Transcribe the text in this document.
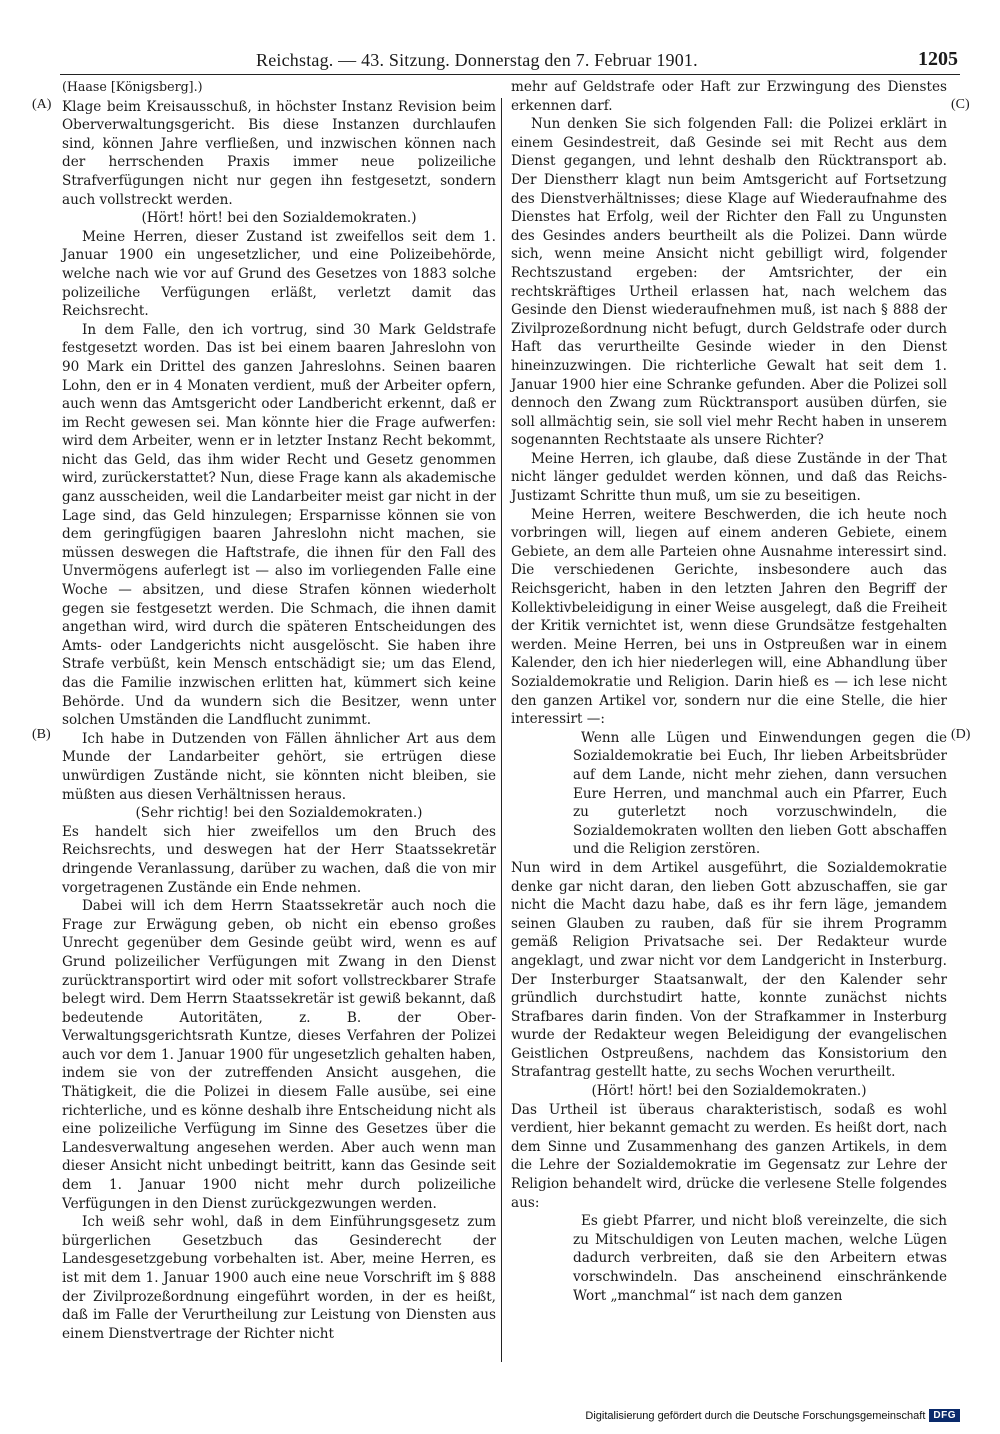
Reichstag. — 43. Sitzung. Donnerstag den 7. Februar 1901.	1205
(A)
(B)
(C)
(D)

(Haase [Königsberg].)

Klage beim Kreisausschuß, in höchster Instanz Revision beim Oberverwaltungsgericht. Bis diese Instanzen durchlaufen sind, können Jahre verfließen, und inzwischen können nach der herrschenden Praxis immer neue polizeiliche Strafverfügungen nicht nur gegen ihn festgesetzt, sondern auch vollstreckt werden.

(Hört! hört! bei den Sozialdemokraten.)

Meine Herren, dieser Zustand ist zweifellos seit dem 1. Januar 1900 ein ungesetzlicher, und eine Polizeibehörde, welche nach wie vor auf Grund des Gesetzes von 1883 solche polizeiliche Verfügungen erläßt, verletzt damit das Reichsrecht.

In dem Falle, den ich vortrug, sind 30 Mark Geldstrafe festgesetzt worden. Das ist bei einem baaren Jahreslohn von 90 Mark ein Drittel des ganzen Jahreslohns. Seinen baaren Lohn, den er in 4 Monaten verdient, muß der Arbeiter opfern, auch wenn das Amtsgericht oder Landbericht erkennt, daß er im Recht gewesen sei. Man könnte hier die Frage aufwerfen: wird dem Arbeiter, wenn er in letzter Instanz Recht bekommt, nicht das Geld, das ihm wider Recht und Gesetz genommen wird, zurückerstattet? Nun, diese Frage kann als akademische ganz ausscheiden, weil die Landarbeiter meist gar nicht in der Lage sind, das Geld hinzulegen; Ersparnisse können sie von dem geringfügigen baaren Jahreslohn nicht machen, sie müssen deswegen die Haftstrafe, die ihnen für den Fall des Unvermögens auferlegt ist — also im vorliegenden Falle eine Woche — absitzen, und diese Strafen können wiederholt gegen sie festgesetzt werden. Die Schmach, die ihnen damit angethan wird, wird durch die späteren Entscheidungen des Amts- oder Landgerichts nicht ausgelöscht. Sie haben ihre Strafe verbüßt, kein Mensch entschädigt sie; um das Elend, das die Familie inzwischen erlitten hat, kümmert sich keine Behörde. Und da wundern sich die Besitzer, wenn unter solchen Umständen die Landflucht zunimmt.

Ich habe in Dutzenden von Fällen ähnlicher Art aus dem Munde der Landarbeiter gehört, sie ertrügen diese unwürdigen Zustände nicht, sie könnten nicht bleiben, sie müßten aus diesen Verhältnissen heraus.

(Sehr richtig! bei den Sozialdemokraten.)

Es handelt sich hier zweifellos um den Bruch des Reichsrechts, und deswegen hat der Herr Staatssekretär dringende Veranlassung, darüber zu wachen, daß die von mir vorgetragenen Zustände ein Ende nehmen.

Dabei will ich dem Herrn Staatssekretär auch noch die Frage zur Erwägung geben, ob nicht ein ebenso großes Unrecht gegenüber dem Gesinde geübt wird, wenn es auf Grund polizeilicher Verfügungen mit Zwang in den Dienst zurücktransportirt wird oder mit sofort vollstreckbarer Strafe belegt wird. Dem Herrn Staatssekretär ist gewiß bekannt, daß bedeutende Autoritäten, z. B. der Ober-Verwaltungsgerichtsrath Kuntze, dieses Verfahren der Polizei auch vor dem 1. Januar 1900 für ungesetzlich gehalten haben, indem sie von der zutreffenden Ansicht ausgehen, die Thätigkeit, die die Polizei in diesem Falle ausübe, sei eine richterliche, und es könne deshalb ihre Entscheidung nicht als eine polizeiliche Verfügung im Sinne des Gesetzes über die Landesverwaltung angesehen werden. Aber auch wenn man dieser Ansicht nicht unbedingt beitritt, kann das Gesinde seit dem 1. Januar 1900 nicht mehr durch polizeiliche Verfügungen in den Dienst zurückgezwungen werden.

Ich weiß sehr wohl, daß in dem Einführungsgesetz zum bürgerlichen Gesetzbuch das Gesinderecht der Landesgesetzgebung vorbehalten ist. Aber, meine Herren, es ist mit dem 1. Januar 1900 auch eine neue Vorschrift im § 888 der Zivilprozeßordnung eingeführt worden, in der es heißt, daß im Falle der Verurtheilung zur Leistung von Diensten aus einem Dienstvertrage der Richter nicht

mehr auf Geldstrafe oder Haft zur Erzwingung des Dienstes erkennen darf.

Nun denken Sie sich folgenden Fall: die Polizei erklärt in einem Gesindestreit, daß Gesinde sei mit Recht aus dem Dienst gegangen, und lehnt deshalb den Rücktransport ab. Der Dienstherr klagt nun beim Amtsgericht auf Fortsetzung des Dienstverhältnisses; diese Klage auf Wiederaufnahme des Dienstes hat Erfolg, weil der Richter den Fall zu Ungunsten des Gesindes anders beurtheilt als die Polizei. Dann würde sich, wenn meine Ansicht nicht gebilligt wird, folgender Rechtszustand ergeben: der Amtsrichter, der ein rechtskräftiges Urtheil erlassen hat, nach welchem das Gesinde den Dienst wiederaufnehmen muß, ist nach § 888 der Zivilprozeßordnung nicht befugt, durch Geldstrafe oder durch Haft das verurtheilte Gesinde wieder in den Dienst hineinzuzwingen. Die richterliche Gewalt hat seit dem 1. Januar 1900 hier eine Schranke gefunden. Aber die Polizei soll dennoch den Zwang zum Rücktransport ausüben dürfen, sie soll allmächtig sein, sie soll viel mehr Recht haben in unserem sogenannten Rechtstaate als unsere Richter?

Meine Herren, ich glaube, daß diese Zustände in der That nicht länger geduldet werden können, und daß das Reichs-Justizamt Schritte thun muß, um sie zu beseitigen.

Meine Herren, weitere Beschwerden, die ich heute noch vorbringen will, liegen auf einem anderen Gebiete, einem Gebiete, an dem alle Parteien ohne Ausnahme interessirt sind. Die verschiedenen Gerichte, insbesondere auch das Reichsgericht, haben in den letzten Jahren den Begriff der Kollektivbeleidigung in einer Weise ausgelegt, daß die Freiheit der Kritik vernichtet ist, wenn diese Grundsätze festgehalten werden. Meine Herren, bei uns in Ostpreußen war in einem Kalender, den ich hier niederlegen will, eine Abhandlung über Sozialdemokratie und Religion. Darin hieß es — ich lese nicht den ganzen Artikel vor, sondern nur die eine Stelle, die hier interessirt —:

Wenn alle Lügen und Einwendungen gegen die Sozialdemokratie bei Euch, Ihr lieben Arbeitsbrüder auf dem Lande, nicht mehr ziehen, dann versuchen Eure Herren, und manchmal auch ein Pfarrer, Euch zu guterletzt noch vorzuschwindeln, die Sozialdemokraten wollten den lieben Gott abschaffen und die Religion zerstören.

Nun wird in dem Artikel ausgeführt, die Sozialdemokratie denke gar nicht daran, den lieben Gott abzuschaffen, sie gar nicht die Macht dazu habe, daß es ihr fern läge, jemandem seinen Glauben zu rauben, daß für sie ihrem Programm gemäß Religion Privatsache sei. Der Redakteur wurde angeklagt, und zwar nicht vor dem Landgericht in Insterburg. Der Insterburger Staatsanwalt, der den Kalender sehr gründlich durchstudirt hatte, konnte zunächst nichts Strafbares darin finden. Von der Strafkammer in Insterburg wurde der Redakteur wegen Beleidigung der evangelischen Geistlichen Ostpreußens, nachdem das Konsistorium den Strafantrag gestellt hatte, zu sechs Wochen verurtheilt.

(Hört! hört! bei den Sozialdemokraten.)

Das Urtheil ist überaus charakteristisch, sodaß es wohl verdient, hier bekannt gemacht zu werden. Es heißt dort, nach dem Sinne und Zusammenhang des ganzen Artikels, in dem die Lehre der Sozialdemokratie im Gegensatz zur Lehre der Religion behandelt wird, drücke die verlesene Stelle folgendes aus:

Es giebt Pfarrer, und nicht bloß vereinzelte, die sich zu Mitschuldigen von Leuten machen, welche Lügen dadurch verbreiten, daß sie den Arbeitern etwas vorschwindeln. Das anscheinend einschränkende Wort „manchmal“ ist nach dem ganzen

Digitalisierung gefördert durch die Deutsche Forschungsgemeinschaft DFG
